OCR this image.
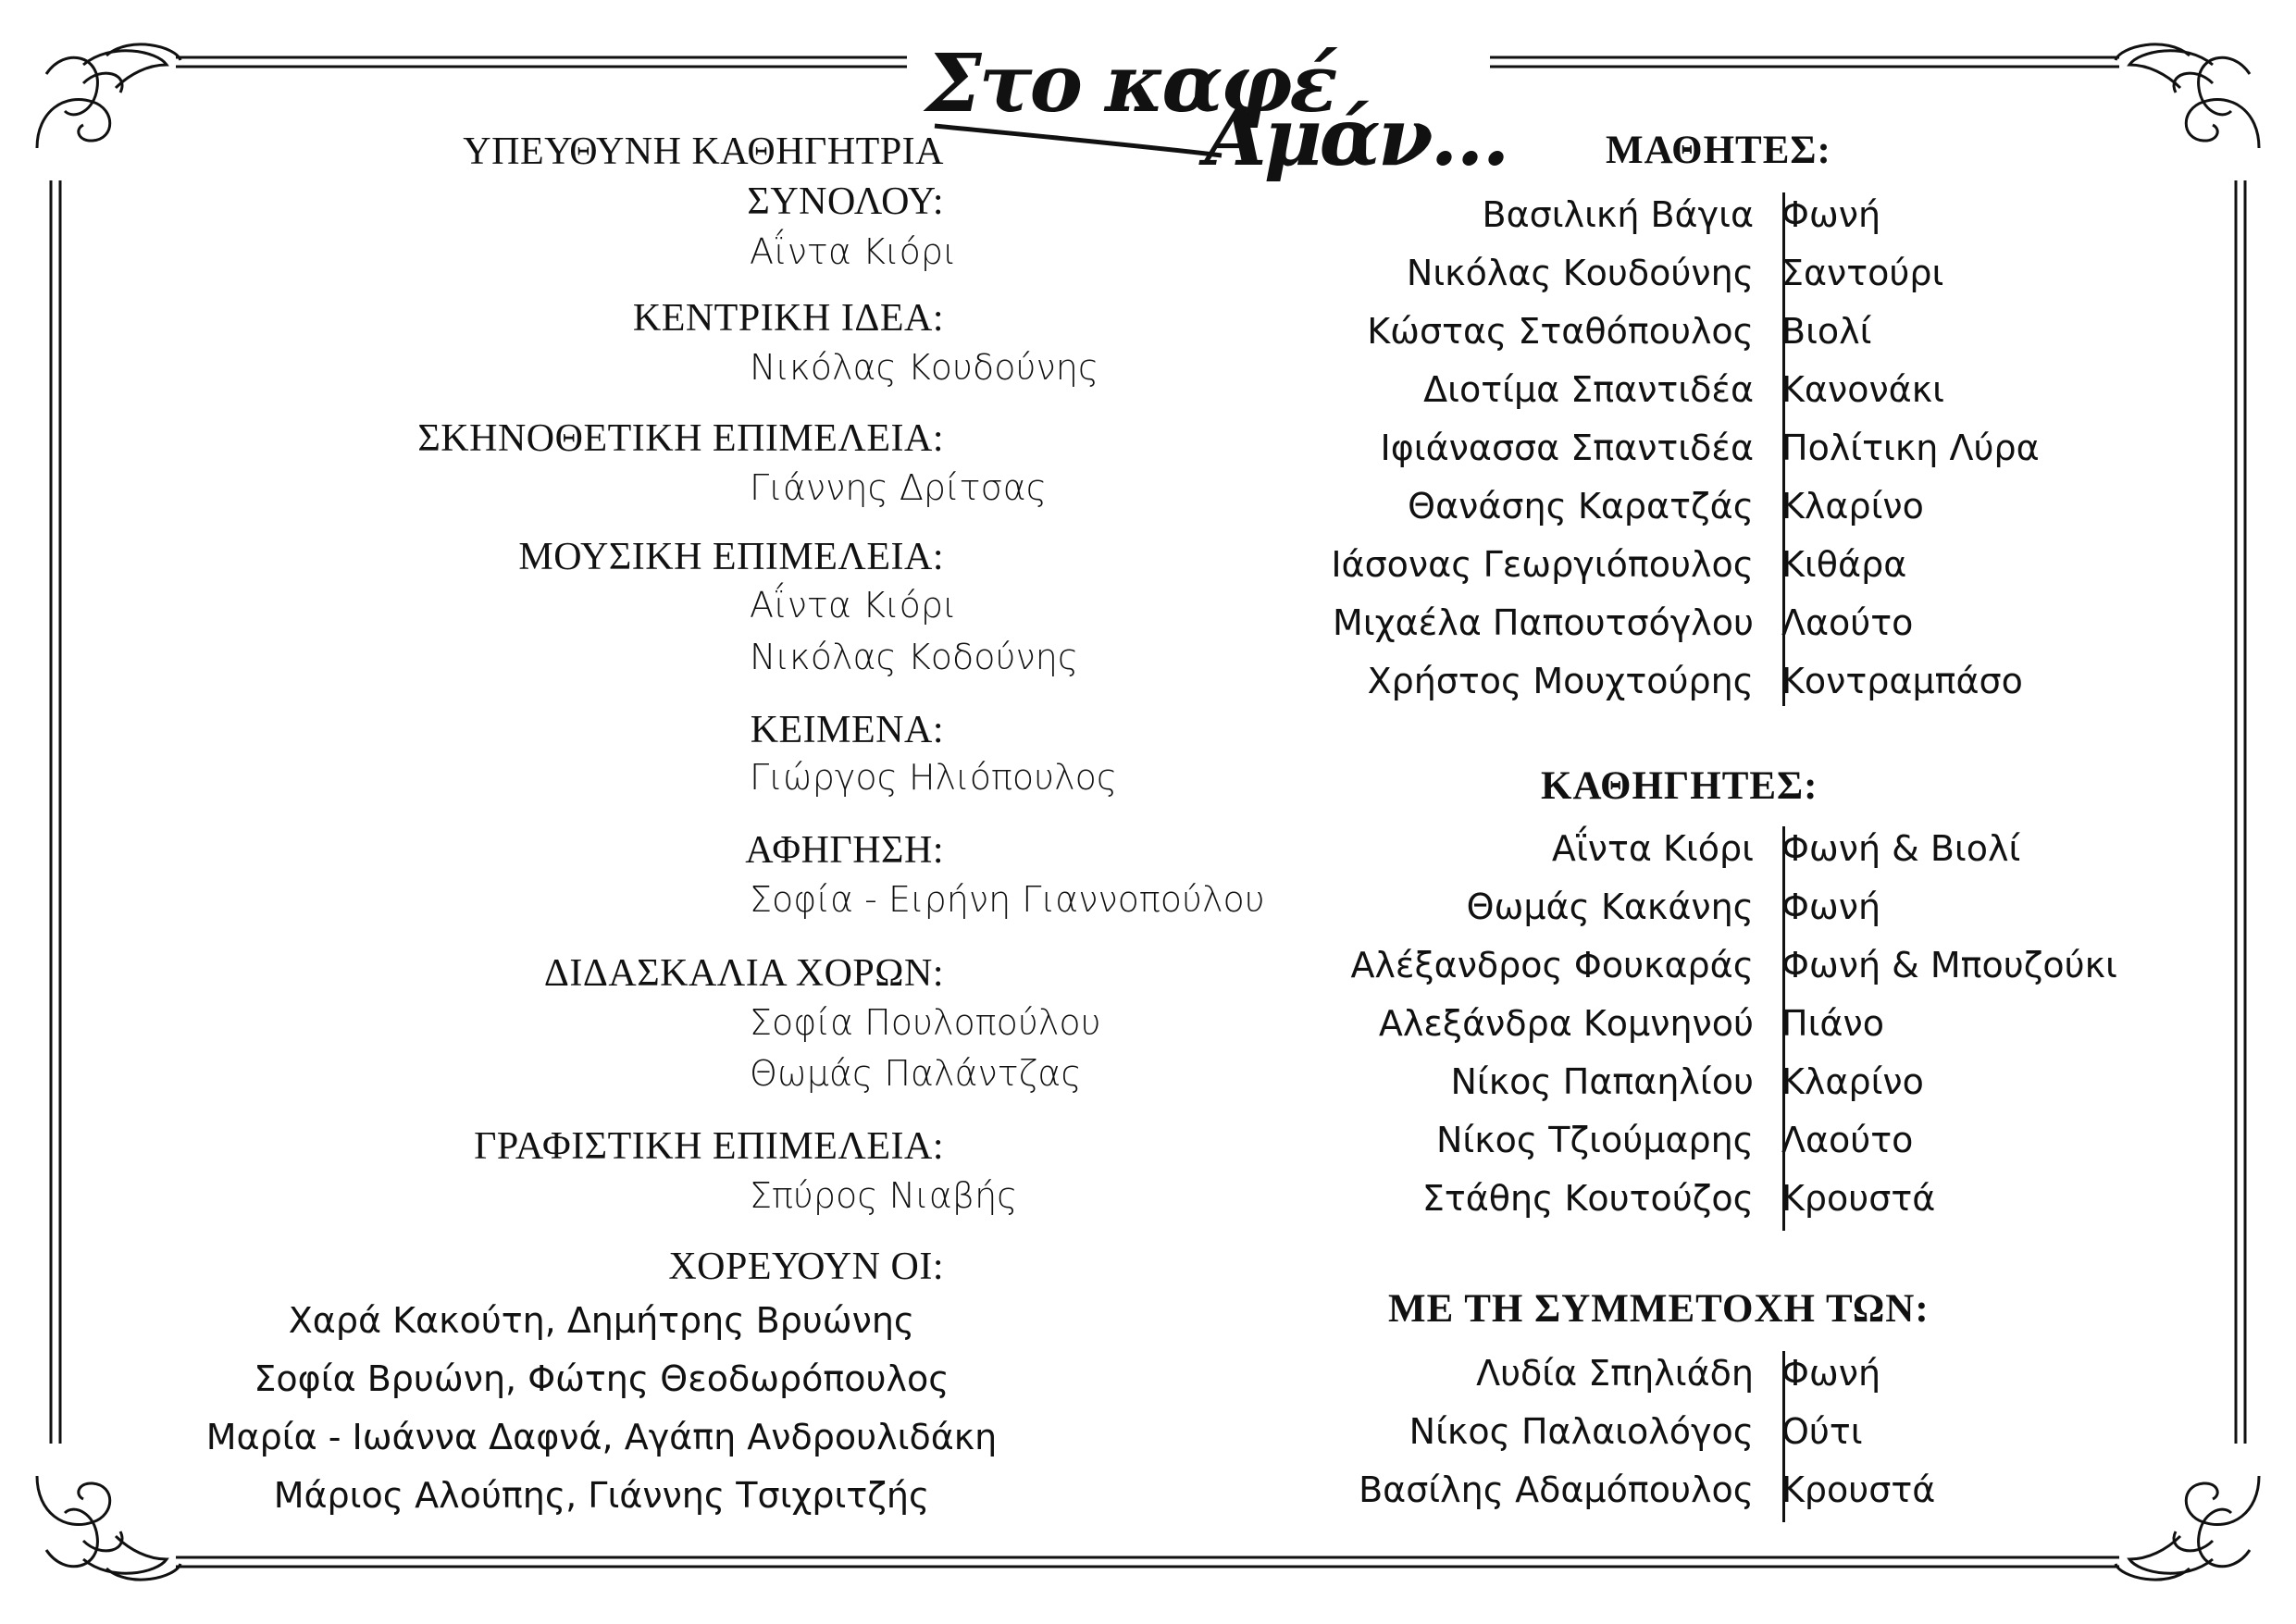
Στο καφέ
Αμάν…
ΥΠΕΥΘΥΝΗ ΚΑΘΗΓΗΤΡΙΑ
ΣΥΝΟΛΟΥ:
Αΐντα Κιόρι
ΚΕΝΤΡΙΚΗ ΙΔΕΑ:
Νικόλας Κουδούνης
ΣΚΗΝΟΘΕΤΙΚΗ ΕΠΙΜΕΛΕΙΑ:
Γιάννης Δρίτσας
ΜΟΥΣΙΚΗ ΕΠΙΜΕΛΕΙΑ:
Αΐντα Κιόρι
Νικόλας Κοδούνης
ΚΕΙΜΕΝΑ:
Γιώργος Ηλιόπουλος
ΑΦΗΓΗΣΗ:
Σοφία - Ειρήνη Γιαννοπούλου
ΔΙΔΑΣΚΑΛΙΑ ΧΟΡΩΝ:
Σοφία Πουλοπούλου
Θωμάς Παλάντζας
ΓΡΑΦΙΣΤΙΚΗ ΕΠΙΜΕΛΕΙΑ:
Σπύρος Νιαβής
ΧΟΡΕΥΟΥΝ ΟΙ:
Χαρά Κακούτη, Δημήτρης Βρυώνης
Σοφία Βρυώνη, Φώτης Θεοδωρόπουλος
Μαρία - Ιωάννα Δαφνά, Αγάπη Ανδρουλιδάκη
Μάριος Αλούπης, Γιάννης Τσιχριτζής
ΜΑΘΗΤΕΣ:
Βασιλική Βάγια Φωνή
Νικόλας Κουδούνης Σαντούρι
Κώστας Σταθόπουλος Βιολί
Διοτίμα Σπαντιδέα Κανονάκι
Ιφιάνασσα Σπαντιδέα Πολίτικη Λύρα
Θανάσης Καρατζάς Κλαρίνο
Ιάσονας Γεωργιόπουλος Κιθάρα
Μιχαέλα Παπουτσόγλου Λαούτο
Χρήστος Μουχτούρης Κοντραμπάσο
ΚΑΘΗΓΗΤΕΣ:
Αΐντα Κιόρι Φωνή & Βιολί
Θωμάς Κακάνης Φωνή
Αλέξανδρος Φουκαράς Φωνή & Μπουζούκι
Αλεξάνδρα Κομνηνού Πιάνο
Νίκος Παπαηλίου Κλαρίνο
Νίκος Τζιούμαρης Λαούτο
Στάθης Κουτούζος Κρουστά
ΜΕ ΤΗ ΣΥΜΜΕΤΟΧΗ ΤΩΝ:
Λυδία Σπηλιάδη Φωνή
Νίκος Παλαιολόγος Ούτι
Βασίλης Αδαμόπουλος Κρουστά
